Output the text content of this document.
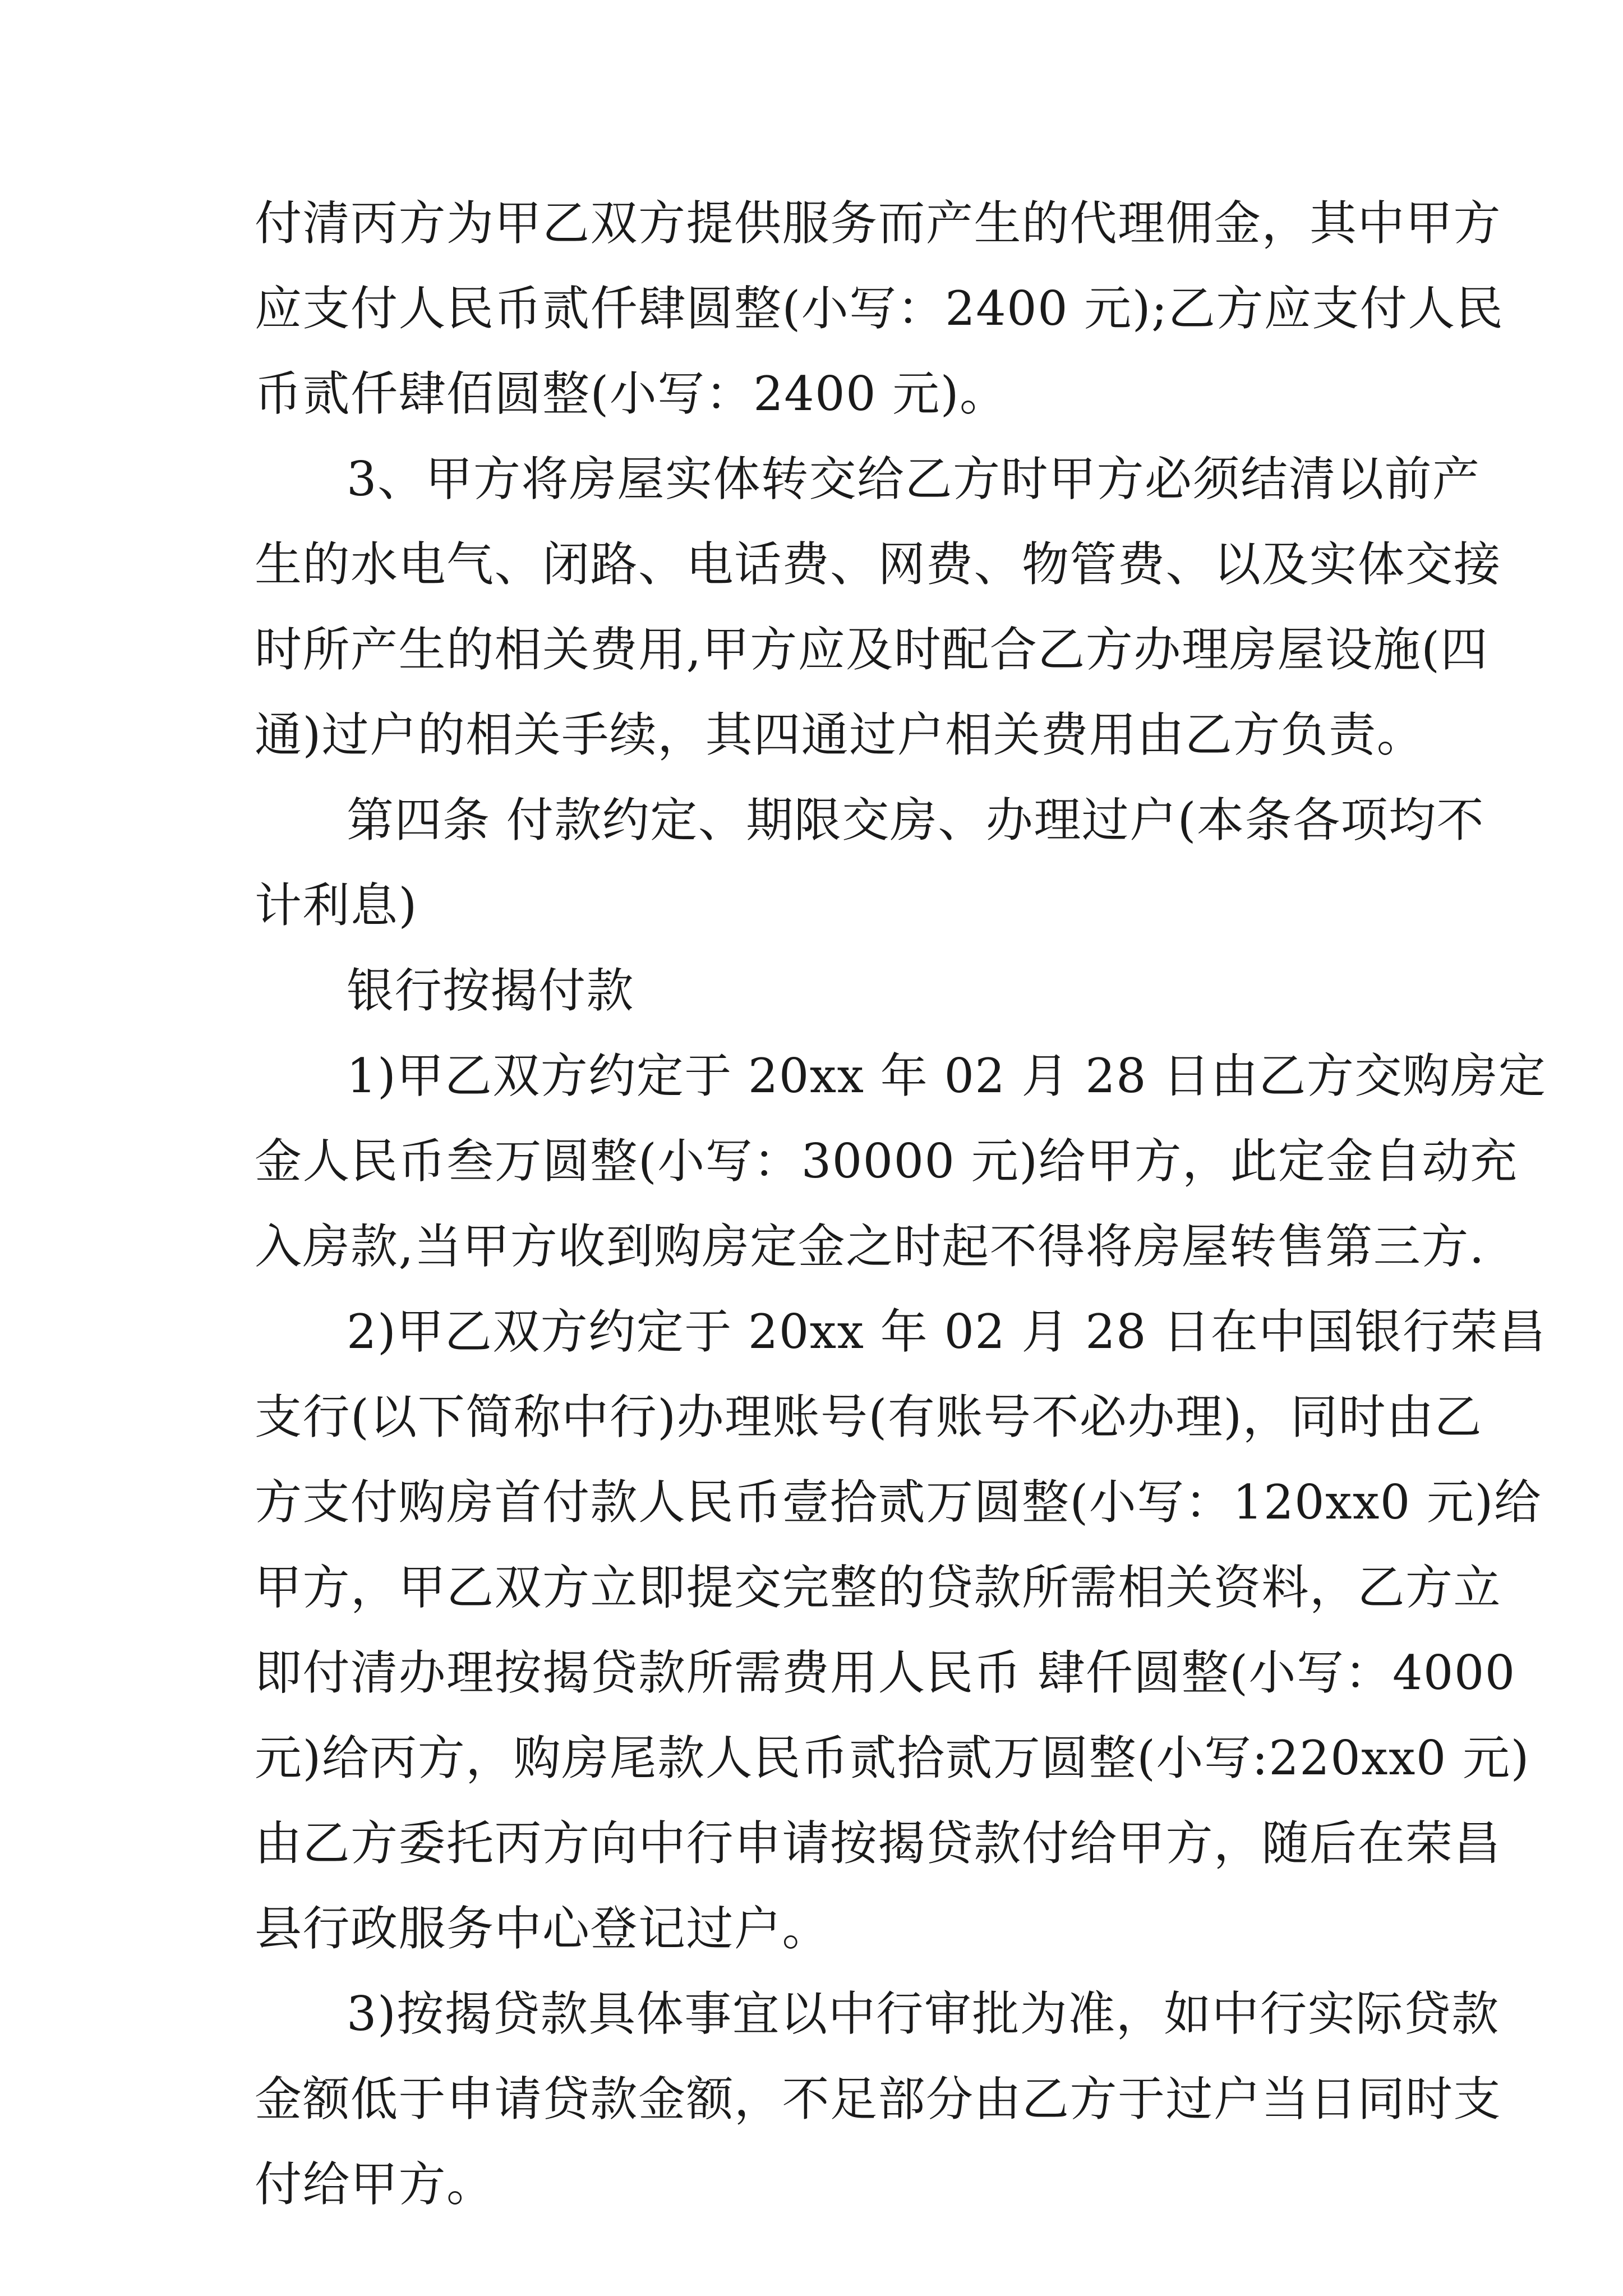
付清丙方为甲乙双方提供服务而产生的代理佣金，其中甲方
应支付人民币贰仟肆圆整(小写：2400 元);乙方应支付人民
币贰仟肆佰圆整(小写：2400 元)。
3、甲方将房屋实体转交给乙方时甲方必须结清以前产
生的水电气、闭路、电话费、网费、物管费、以及实体交接
时所产生的相关费用,甲方应及时配合乙方办理房屋设施(四
通)过户的相关手续，其四通过户相关费用由乙方负责。
第四条 付款约定、期限交房、办理过户(本条各项均不
计利息)
银行按揭付款
1)甲乙双方约定于 20xx 年 02 月 28 日由乙方交购房定
金人民币叁万圆整(小写：30000 元)给甲方，此定金自动充
入房款,当甲方收到购房定金之时起不得将房屋转售第三方.
2)甲乙双方约定于 20xx 年 02 月 28 日在中国银行荣昌
支行(以下简称中行)办理账号(有账号不必办理)，同时由乙
方支付购房首付款人民币壹拾贰万圆整(小写：120xx0 元)给
甲方，甲乙双方立即提交完整的贷款所需相关资料，乙方立
即付清办理按揭贷款所需费用人民币 肆仟圆整(小写：4000
元)给丙方，购房尾款人民币贰拾贰万圆整(小写:220xx0 元)
由乙方委托丙方向中行申请按揭贷款付给甲方，随后在荣昌
县行政服务中心登记过户。
3)按揭贷款具体事宜以中行审批为准，如中行实际贷款
金额低于申请贷款金额，不足部分由乙方于过户当日同时支
付给甲方。
